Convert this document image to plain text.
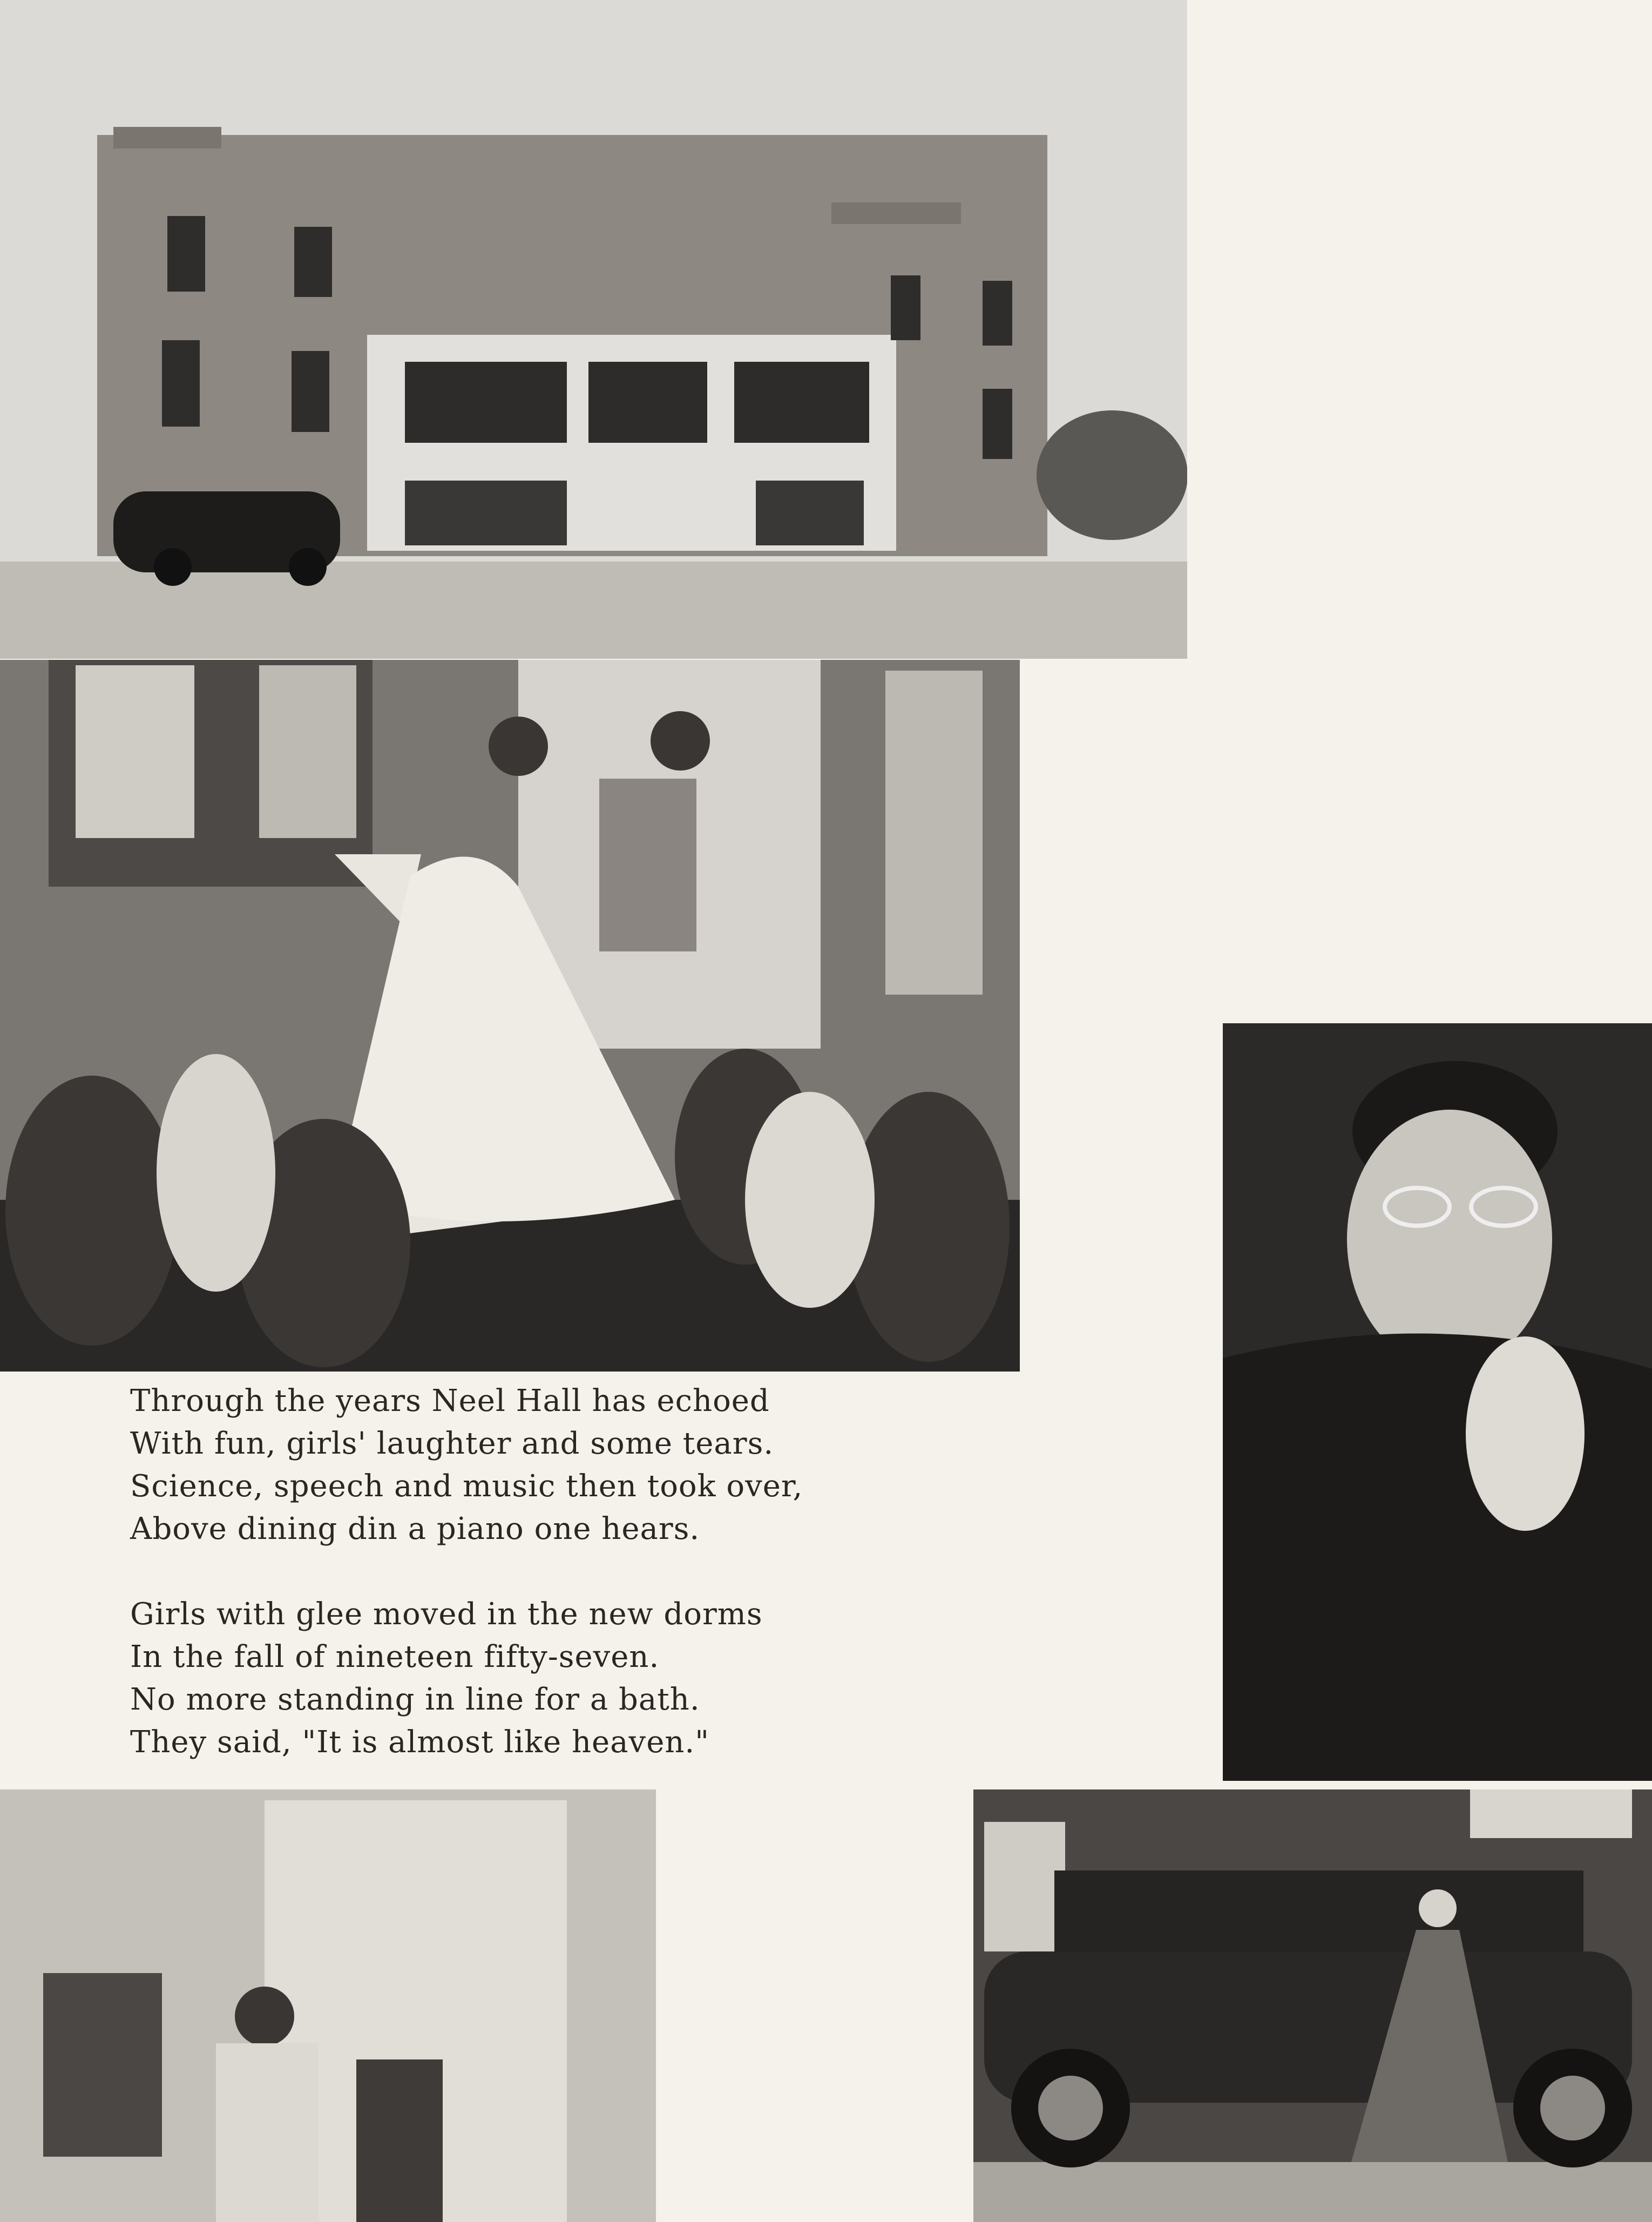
Through the years Neel Hall has echoed
With fun, girls' laughter and some tears.
Science, speech and music then took over,
Above dining din a piano one hears.
Girls with glee moved in the new dorms
In the fall of nineteen fifty-seven.
No more standing in line for a bath.
They said, "It is almost like heaven."
